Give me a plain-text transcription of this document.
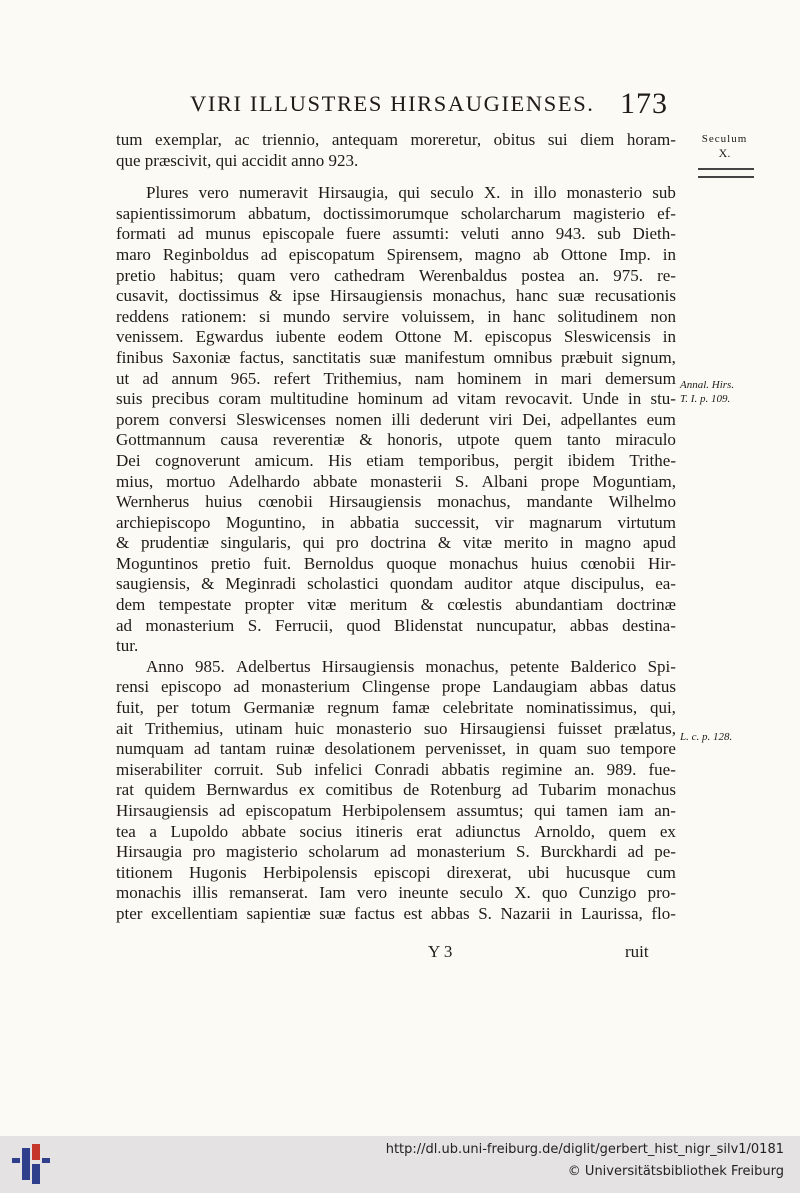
VIRI ILLUSTRES HIRSAUGIENSES. 173
Seculum
X.
Annal. Hirs.
T. I. p. 109.
L. c. p. 128.
tum exemplar, ac triennio, antequam moreretur, obitus sui diem horam-
que præscivit, qui accidit anno 923.
Plures vero numeravit Hirsaugia, qui seculo X. in illo monasterio sub
sapientissimorum abbatum, doctissimorumque scholarcharum magisterio ef-
formati ad munus episcopale fuere assumti: veluti anno 943. sub Dieth-
maro Reginboldus ad episcopatum Spirensem, magno ab Ottone Imp. in
pretio habitus; quam vero cathedram Werenbaldus postea an. 975. re-
cusavit, doctissimus & ipse Hirsaugiensis monachus, hanc suæ recusationis
reddens rationem: si mundo servire voluissem, in hanc solitudinem non
venissem. Egwardus iubente eodem Ottone M. episcopus Sleswicensis in
finibus Saxoniæ factus, sanctitatis suæ manifestum omnibus præbuit signum,
ut ad annum 965. refert Trithemius, nam hominem in mari demersum
suis precibus coram multitudine hominum ad vitam revocavit. Unde in stu-
porem conversi Sleswicenses nomen illi dederunt viri Dei, adpellantes eum
Gottmannum causa reverentiæ & honoris, utpote quem tanto miraculo
Dei cognoverunt amicum. His etiam temporibus, pergit ibidem Trithe-
mius, mortuo Adelhardo abbate monasterii S. Albani prope Moguntiam,
Wernherus huius cœnobii Hirsaugiensis monachus, mandante Wilhelmo
archiepiscopo Moguntino, in abbatia successit, vir magnarum virtutum
& prudentiæ singularis, qui pro doctrina & vitæ merito in magno apud
Moguntinos pretio fuit. Bernoldus quoque monachus huius cœnobii Hir-
saugiensis, & Meginradi scholastici quondam auditor atque discipulus, ea-
dem tempestate propter vitæ meritum & cœlestis abundantiam doctrinæ
ad monasterium S. Ferrucii, quod Blidenstat nuncupatur, abbas destina-
tur.
Anno 985. Adelbertus Hirsaugiensis monachus, petente Balderico Spi-
rensi episcopo ad monasterium Clingense prope Landaugiam abbas datus
fuit, per totum Germaniæ regnum famæ celebritate nominatissimus, qui,
ait Trithemius, utinam huic monasterio suo Hirsaugiensi fuisset prælatus,
numquam ad tantam ruinæ desolationem pervenisset, in quam suo tempore
miserabiliter corruit. Sub infelici Conradi abbatis regimine an. 989. fue-
rat quidem Bernwardus ex comitibus de Rotenburg ad Tubarim monachus
Hirsaugiensis ad episcopatum Herbipolensem assumtus; qui tamen iam an-
tea a Lupoldo abbate socius itineris erat adiunctus Arnoldo, quem ex
Hirsaugia pro magisterio scholarum ad monasterium S. Burckhardi ad pe-
titionem Hugonis Herbipolensis episcopi direxerat, ubi hucusque cum
monachis illis remanserat. Iam vero ineunte seculo X. quo Cunzigo pro-
pter excellentiam sapientiæ suæ factus est abbas S. Nazarii in Laurissa, flo-
Y 3	ruit
http://dl.ub.uni-freiburg.de/diglit/gerbert_hist_nigr_silv1/0181
© Universitätsbibliothek Freiburg
